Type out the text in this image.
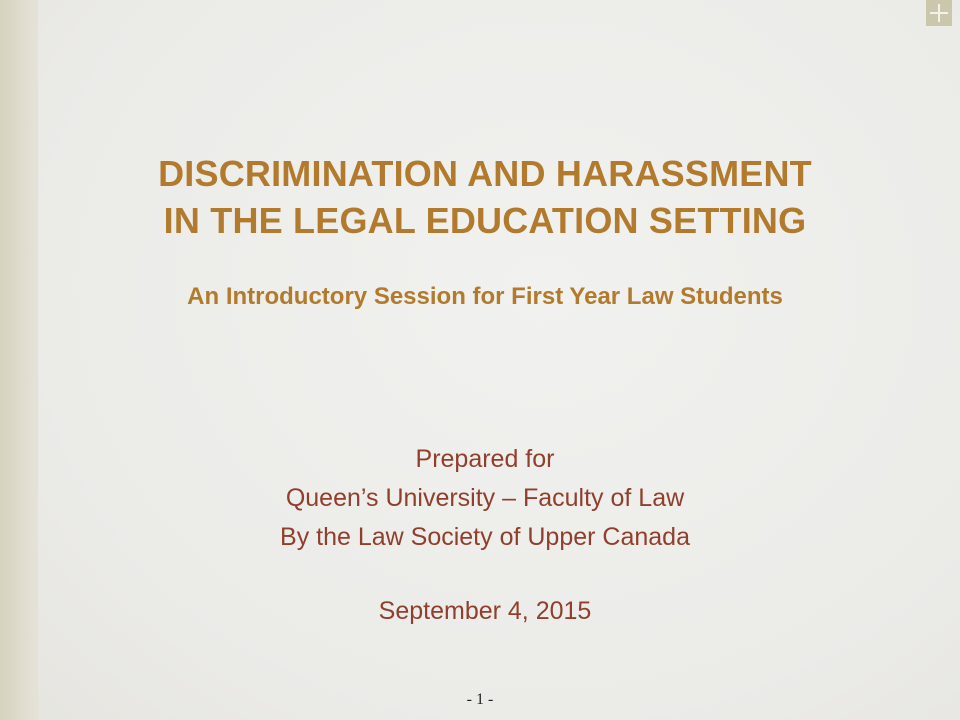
DISCRIMINATION AND HARASSMENT
IN THE LEGAL EDUCATION SETTING
An Introductory Session for First Year Law Students
Prepared for
Queen’s University – Faculty of Law
By the Law Society of Upper Canada
September 4, 2015
- 1 -
